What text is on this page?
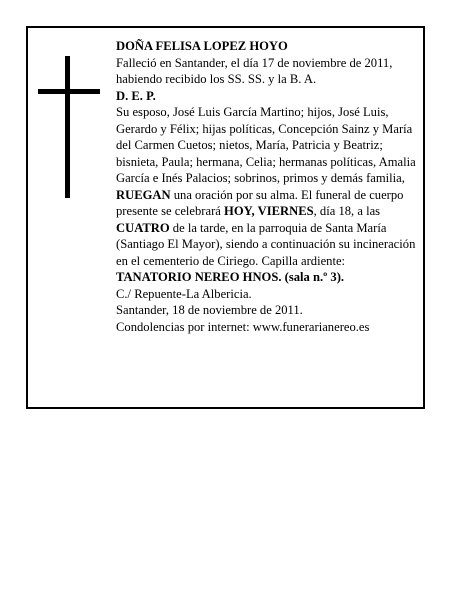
DOÑA FELISA LOPEZ HOYO

Falleció en Santander, el día 17 de noviembre de 2011, habiendo recibido los SS. SS. y la B. A.

D. E. P.

Su esposo, José Luis García Martino; hijos, José Luis, Gerardo y Félix; hijas políticas, Concepción Sainz y María del Carmen Cuetos; nietos, María, Patricia y Beatriz; bisnieta, Paula; hermana, Celia; hermanas políticas, Amalia García e Inés Palacios; sobrinos, primos y demás familia,

RUEGAN una oración por su alma. El funeral de cuerpo presente se celebrará HOY, VIERNES, día 18, a las CUATRO de la tarde, en la parroquia de Santa María (Santiago El Mayor), siendo a continuación su incineración en el cementerio de Ciriego. Capilla ardiente: TANATORIO NEREO HNOS. (sala n.º 3).

C./ Repuente-La Albericia.

Santander, 18 de noviembre de 2011.

Condolencias por internet: www.funerarianereo.es
